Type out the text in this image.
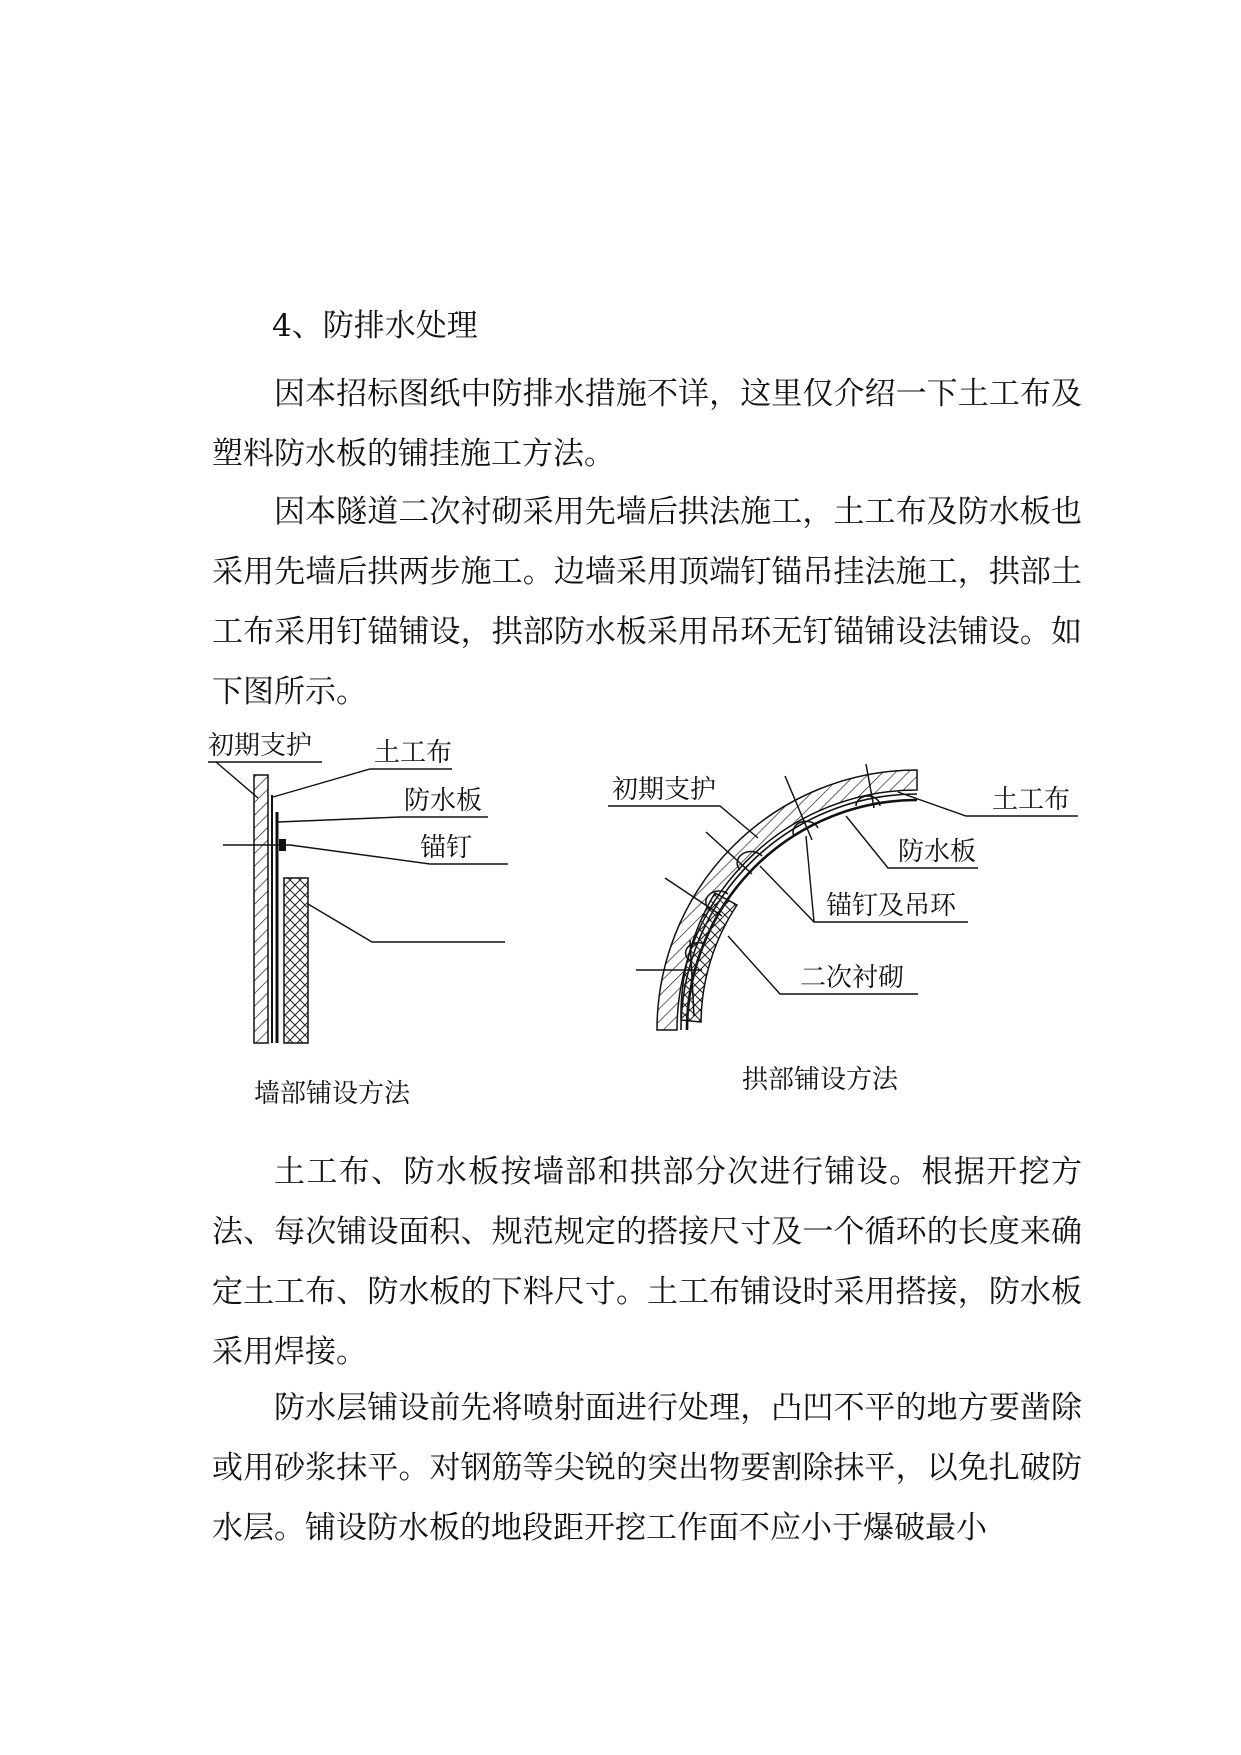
4、防排水处理

因本招标图纸中防排水措施不详，这里仅介绍一下土工布及塑料防水板的铺挂施工方法。

因本隧道二次衬砌采用先墙后拱法施工，土工布及防水板也采用先墙后拱两步施工。边墙采用顶端钉锚吊挂法施工，拱部土工布采用钉锚铺设，拱部防水板采用吊环无钉锚铺设法铺设。如下图所示。

初期支护 土工布
防水板
锚钉
墙部铺设方法
初期支护	土工布
防水板
锚钉及吊环
二次衬砌
拱部铺设方法

土工布、防水板按墙部和拱部分次进行铺设。根据开挖方法、每次铺设面积、规范规定的搭接尺寸及一个循环的长度来确定土工布、防水板的下料尺寸。土工布铺设时采用搭接，防水板采用焊接。

防水层铺设前先将喷射面进行处理，凸凹不平的地方要凿除或用砂浆抹平。对钢筋等尖锐的突出物要割除抹平，以免扎破防水层。铺设防水板的地段距开挖工作面不应小于爆破最小
